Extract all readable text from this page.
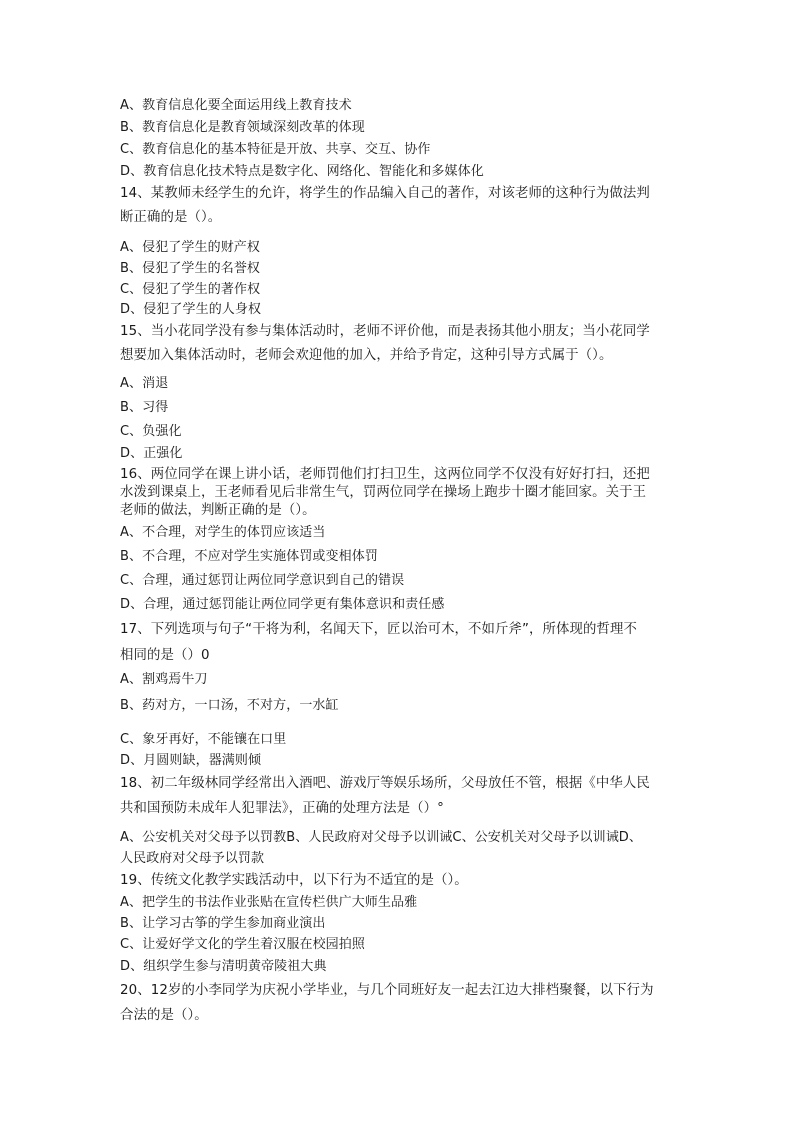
A、教育信息化要全面运用线上教育技术
B、教育信息化是教育领域深刻改革的体现
C、教育信息化的基本特征是开放、共享、交互、协作
D、教育信息化技术特点是数字化、网络化、智能化和多媒体化
14、某教师未经学生的允许，将学生的作品编入自己的著作，对该老师的这种行为做法判
断正确的是（）。
A、侵犯了学生的财产权
B、侵犯了学生的名誉权
C、侵犯了学生的著作权
D、侵犯了学生的人身权
15、当小花同学没有参与集体活动时，老师不评价他，而是表扬其他小朋友；当小花同学
想要加入集体活动时，老师会欢迎他的加入，并给予肯定，这种引导方式属于（）。
A、消退
B、习得
C、负强化
D、正强化
16、两位同学在课上讲小话，老师罚他们打扫卫生，这两位同学不仅没有好好打扫，还把
水泼到课桌上，王老师看见后非常生气，罚两位同学在操场上跑步十圈才能回家。关于王
老师的做法，判断正确的是（）。
A、不合理，对学生的体罚应该适当
B、不合理，不应对学生实施体罚或变相体罚
C、合理，通过惩罚让两位同学意识到自己的错误
D、合理，通过惩罚能让两位同学更有集体意识和责任感
17、下列选项与句子“干将为利，名闻天下，匠以治可木，不如斤斧”，所体现的哲理不
相同的是（）0
A、割鸡焉牛刀
B、药对方，一口汤，不对方，一水缸
C、象牙再好，不能镶在口里
D、月圆则缺，器满则倾
18、初二年级林同学经常出入酒吧、游戏厅等娱乐场所，父母放任不管，根据《中华人民
共和国预防未成年人犯罪法》，正确的处理方法是（）°
A、公安机关对父母予以罚教B、人民政府对父母予以训诫C、公安机关对父母予以训诫D、
人民政府对父母予以罚款
19、传统文化教学实践活动中，以下行为不适宜的是（）。
A、把学生的书法作业张贴在宣传栏供广大师生品雅
B、让学习古筝的学生参加商业演出
C、让爱好学文化的学生着汉服在校园拍照
D、组织学生参与清明黄帝陵祖大典
20、12岁的小李同学为庆祝小学毕业，与几个同班好友一起去江边大排档聚餐，以下行为
合法的是（）。
